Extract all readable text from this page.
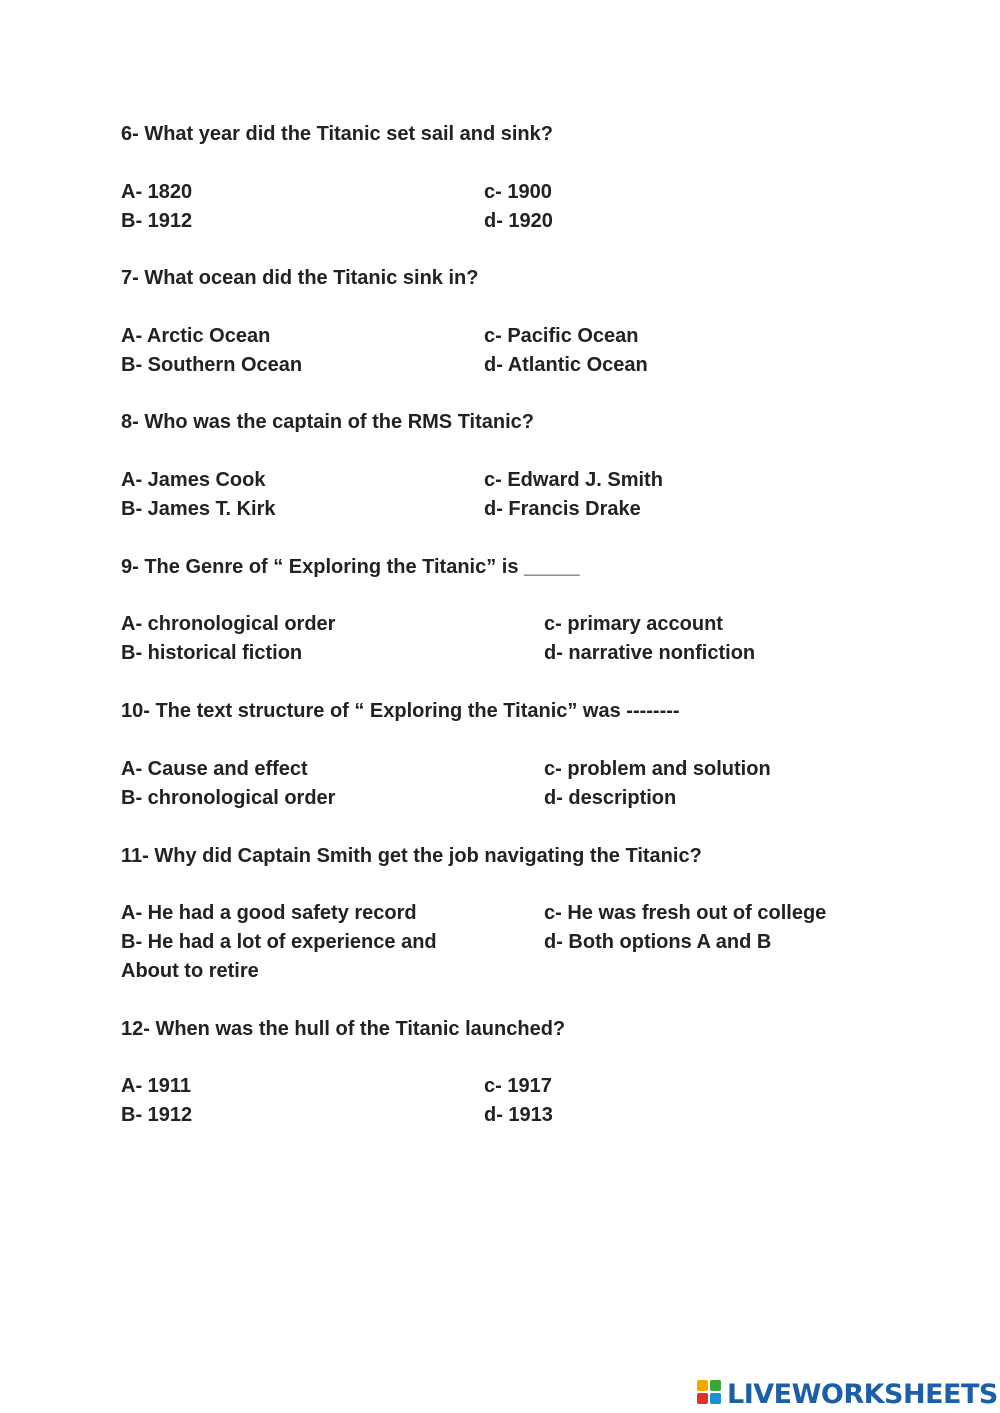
6- What year did the Titanic set sail and sink?
A- 1820
B- 1912
c- 1900
d- 1920
7- What ocean did the Titanic sink in?
A- Arctic Ocean
B- Southern Ocean
c- Pacific Ocean
d- Atlantic Ocean
8- Who was the captain of the RMS Titanic?
A- James Cook
B- James T. Kirk
c- Edward J. Smith
d- Francis Drake
9- The Genre of “ Exploring the Titanic” is _____
A- chronological order
B- historical fiction
c- primary account
d- narrative nonfiction
10- The text structure of “ Exploring the Titanic” was --------
A- Cause and effect
B- chronological order
c- problem and solution
d- description
11- Why did Captain Smith get the job navigating the Titanic?
A- He had a good safety record
B- He had a lot of experience and
About to retire
c- He was fresh out of college
d- Both options A and B
12- When was the hull of the Titanic launched?
A- 1911
B- 1912
c- 1917
d- 1913
LIVEWORKSHEETS
